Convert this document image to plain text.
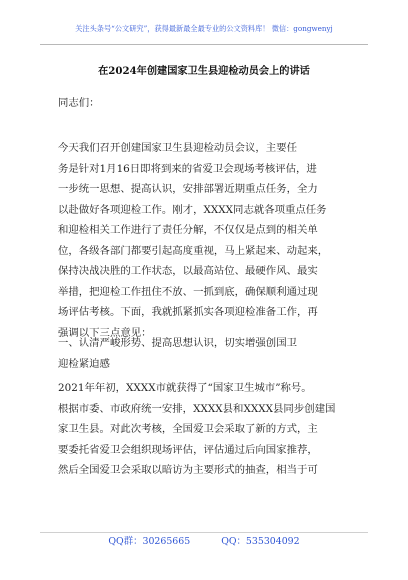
关注头条号“公文研究”，获得最新最全最专业的公文资料库！ 微信：gongwenyj
在2024年创建国家卫生县迎检动员会上的讲话
同志们：
今天我们召开创建国家卫生县迎检动员会议，主要任
务是针对1月16日即将到来的省爱卫会现场考核评估，进
一步统一思想、提高认识，安排部署近期重点任务，全力
以赴做好各项迎检工作。刚才，XXXX同志就各项重点任务
和迎检相关工作进行了责任分解，不仅仅是点到的相关单
位，各级各部门都要引起高度重视，马上紧起来、动起来，
保持决战决胜的工作状态，以最高站位、最硬作风、最实
举措，把迎检工作扭住不放、一抓到底，确保顺利通过现
场评估考核。下面，我就抓紧抓实各项迎检准备工作，再
强调以下三点意见：
一、认清严峻形势、提高思想认识，切实增强创国卫
迎检紧迫感
2021年年初，XXXX市就获得了“国家卫生城市”称号。
根据市委、市政府统一安排，XXXX县和XXXX县同步创建国
家卫生县。对此次考核，全国爱卫会采取了新的方式，主
要委托省爱卫会组织现场评估，评估通过后向国家推荐，
然后全国爱卫会采取以暗访为主要形式的抽查，相当于可
QQ群：30265665	QQ：535304092
